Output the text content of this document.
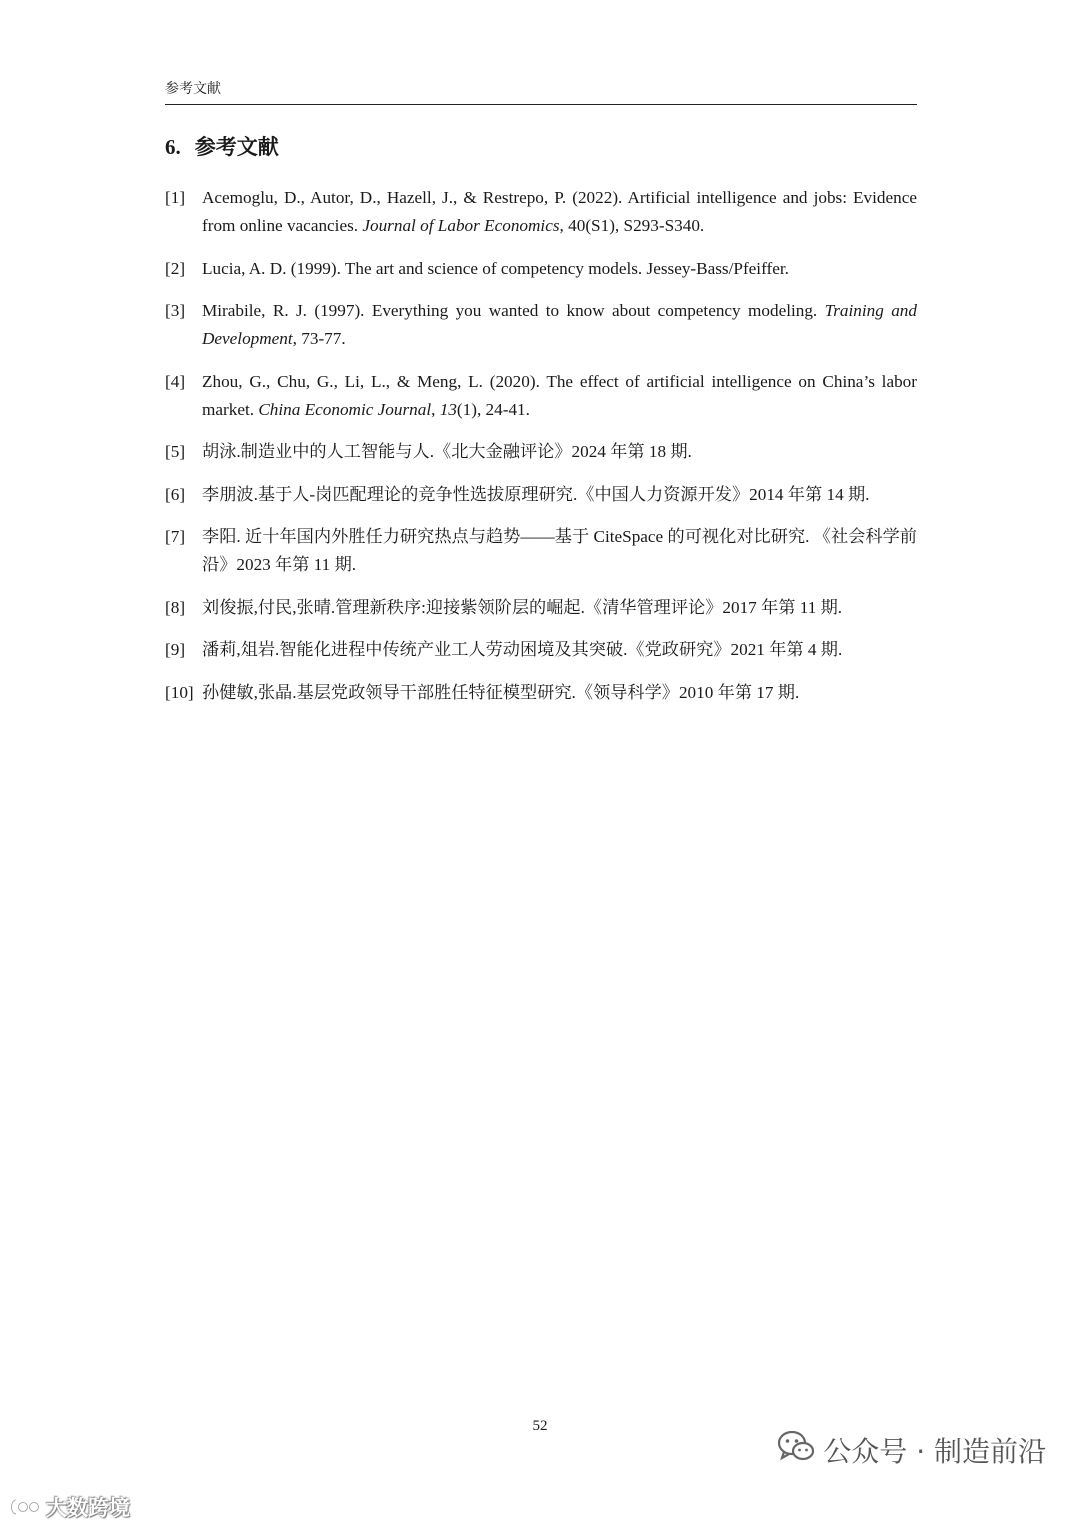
参考文献
6. 参考文献
[1] Acemoglu, D., Autor, D., Hazell, J., & Restrepo, P. (2022). Artificial intelligence and jobs: Evidence from online vacancies. Journal of Labor Economics, 40(S1), S293-S340.
[2] Lucia, A. D. (1999). The art and science of competency models. Jessey-Bass/Pfeiffer.
[3] Mirabile, R. J. (1997). Everything you wanted to know about competency modeling. Training and Development, 73-77.
[4] Zhou, G., Chu, G., Li, L., & Meng, L. (2020). The effect of artificial intelligence on China’s labor market. China Economic Journal, 13(1), 24-41.
[5] 胡泳.制造业中的人工智能与人.《北大金融评论》2024 年第 18 期.
[6] 李朋波.基于人-岗匹配理论的竞争性选拔原理研究.《中国人力资源开发》2014 年第 14 期.
[7] 李阳. 近十年国内外胜任力研究热点与趋势——基于 CiteSpace 的可视化对比研究. 《社会科学前沿》2023 年第 11 期.
[8] 刘俊振,付民,张晴.管理新秩序:迎接紫领阶层的崛起.《清华管理评论》2017 年第 11 期.
[9] 潘莉,俎岩.智能化进程中传统产业工人劳动困境及其突破.《党政研究》2021 年第 4 期.
[10] 孙健敏,张晶.基层党政领导干部胜任特征模型研究.《领导科学》2010 年第 17 期.
52
大数跨境
公众号 · 制造前沿
